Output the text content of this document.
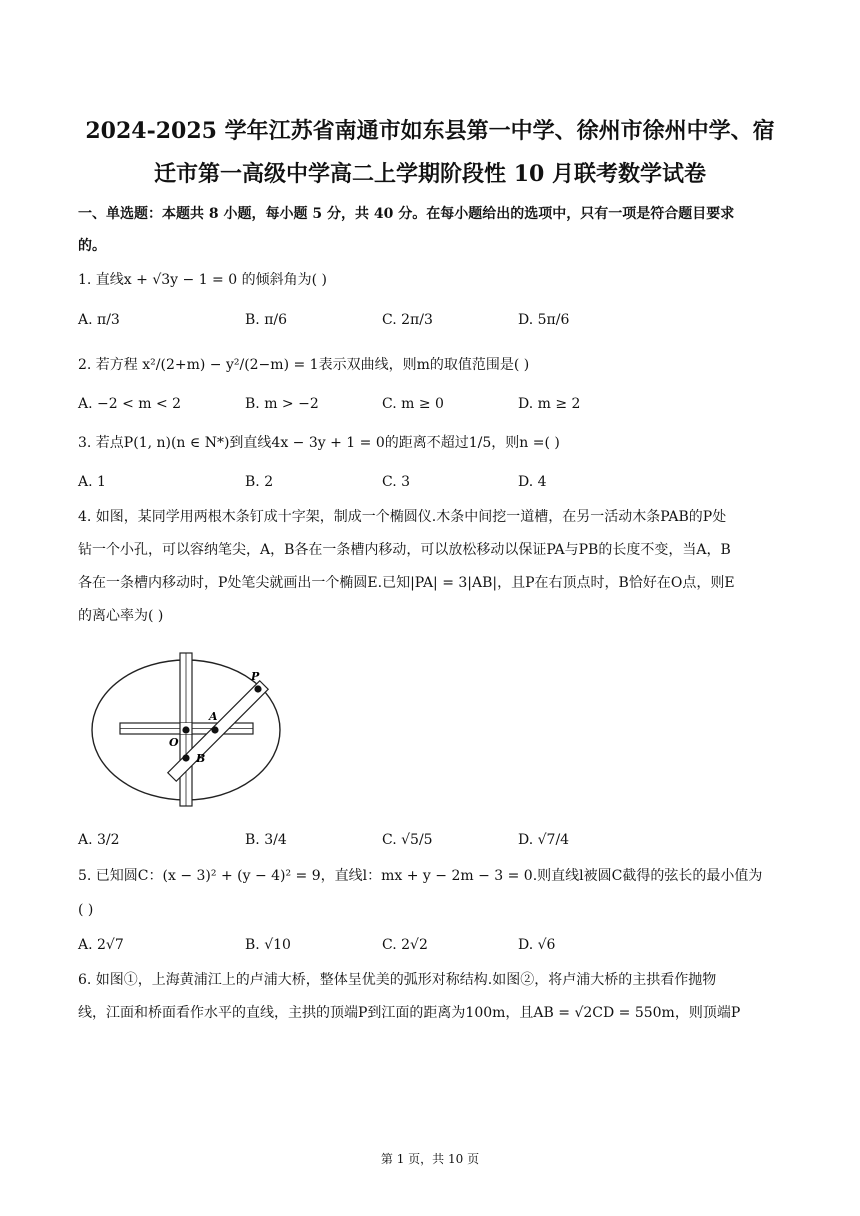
2024-2025 学年江苏省南通市如东县第一中学、徐州市徐州中学、宿
迁市第一高级中学高二上学期阶段性 10 月联考数学试卷
一、单选题：本题共 8 小题，每小题 5 分，共 40 分。在每小题给出的选项中，只有一项是符合题目要求
的。
1. 直线x + √3y − 1 = 0 的倾斜角为( )
A. π/3	B. π/6	C. 2π/3	D. 5π/6
2. 若方程 x²/(2+m) − y²/(2−m) = 1表示双曲线，则m的取值范围是( )
A. −2 < m < 2	B. m > −2	C. m ≥ 0	D. m ≥ 2
3. 若点P(1, n)(n ∈ N*)到直线4x − 3y + 1 = 0的距离不超过1/5，则n =( )
A. 1	B. 2	C. 3	D. 4
4. 如图，某同学用两根木条钉成十字架，制成一个椭圆仪.木条中间挖一道槽，在另一活动木条PAB的P处
钻一个小孔，可以容纳笔尖，A，B各在一条槽内移动，可以放松移动以保证PA与PB的长度不变，当A，B
各在一条槽内移动时，P处笔尖就画出一个椭圆E.已知|PA| = 3|AB|，且P在右顶点时，B恰好在O点，则E
的离心率为( )
P
A
O
B
A. 3/2	B. 3/4	C. √5/5	D. √7/4
5. 已知圆C：(x − 3)² + (y − 4)² = 9，直线l：mx + y − 2m − 3 = 0.则直线l被圆C截得的弦长的最小值为
( )
A. 2√7	B. √10	C. 2√2	D. √6
6. 如图①，上海黄浦江上的卢浦大桥，整体呈优美的弧形对称结构.如图②，将卢浦大桥的主拱看作抛物
线，江面和桥面看作水平的直线，主拱的顶端P到江面的距离为100m，且AB = √2CD = 550m，则顶端P
第 1 页，共 10 页
